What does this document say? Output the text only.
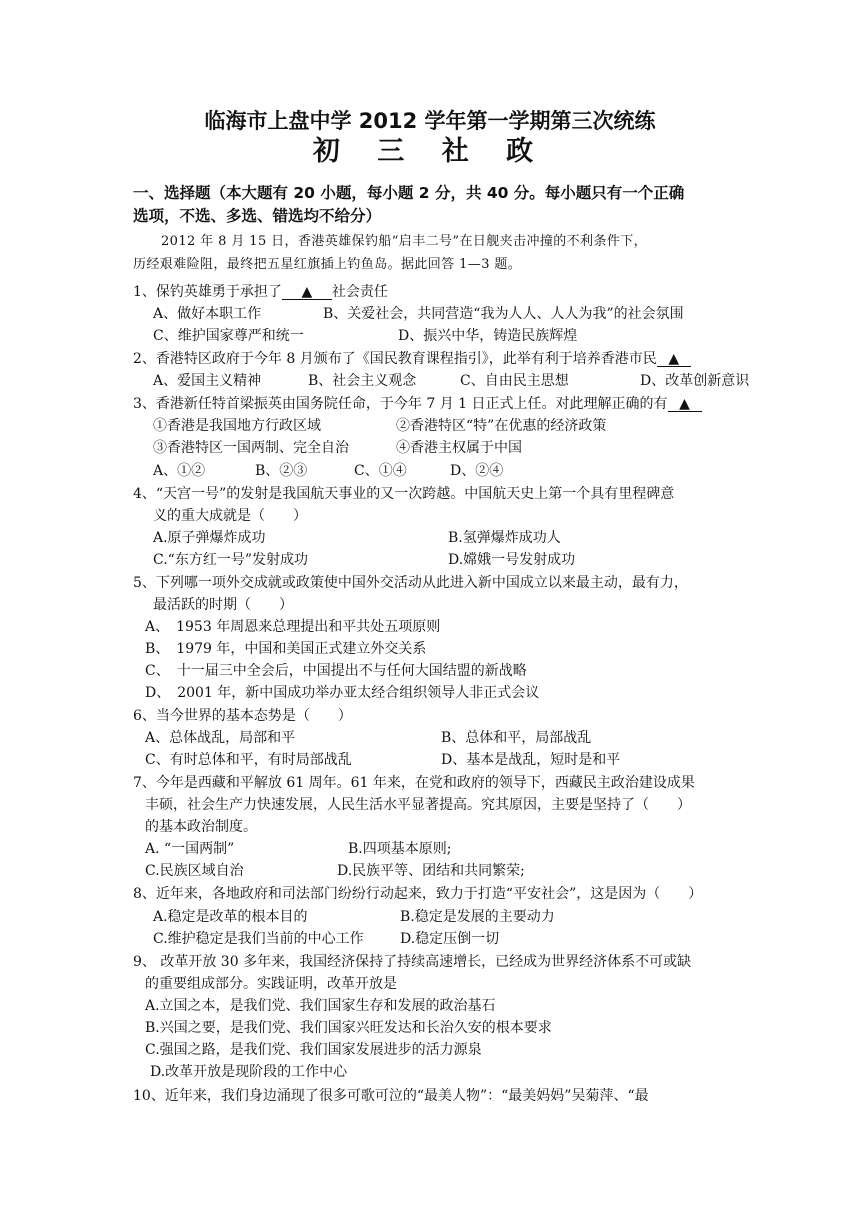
临海市上盘中学 2012 学年第一学期第三次统练
初 三 社 政
一、选择题（本大题有 20 小题，每小题 2 分，共 40 分。每小题只有一个正确
选项，不选、多选、错选均不给分）
2012 年 8 月 15 日，香港英雄保钓船“启丰二号”在日舰夹击冲撞的不利条件下，
历经艰难险阻，最终把五星红旗插上钓鱼岛。据此回答 1—3 题。
1、保钓英雄勇于承担了 ▲ 社会责任
A、做好本职工作	B、关爱社会，共同营造“我为人人、人人为我”的社会氛围
C、维护国家尊严和统一	D、振兴中华，铸造民族辉煌
2、香港特区政府于今年 8 月颁布了《国民教育课程指引》，此举有利于培养香港市民 ▲
A、爱国主义精神	B、社会主义观念	C、自由民主思想	D、改革创新意识
3、香港新任特首梁振英由国务院任命，于今年 7 月 1 日正式上任。对此理解正确的有 ▲
①香港是我国地方行政区域	②香港特区“特”在优惠的经济政策
③香港特区一国两制、完全自治	④香港主权属于中国
A、①②	B、②③	C、①④	D、②④
4、“天宫一号”的发射是我国航天事业的又一次跨越。中国航天史上第一个具有里程碑意
义的重大成就是（　　）
A.原子弹爆炸成功	B.氢弹爆炸成功人
C.“东方红一号”发射成功	D.嫦娥一号发射成功
5、下列哪一项外交成就或政策使中国外交活动从此进入新中国成立以来最主动，最有力，
最活跃的时期（　　）
A、　1953 年周恩来总理提出和平共处五项原则
B、　1979 年，中国和美国正式建立外交关系
C、　十一届三中全会后，中国提出不与任何大国结盟的新战略
D、　2001 年，新中国成功举办亚太经合组织领导人非正式会议
6、当今世界的基本态势是（　　）
A、总体战乱，局部和平	B、总体和平，局部战乱
C、有时总体和平，有时局部战乱	D、基本是战乱，短时是和平
7、今年是西藏和平解放 61 周年。61 年来，在党和政府的领导下，西藏民主政治建设成果
丰硕，社会生产力快速发展，人民生活水平显著提高。究其原因，主要是坚持了（　　）
的基本政治制度。
A. “一国两制”	B.四项基本原则;
C.民族区域自治	D.民族平等、团结和共同繁荣;
8、近年来，各地政府和司法部门纷纷行动起来，致力于打造“平安社会”，这是因为（　　）
A.稳定是改革的根本目的	B.稳定是发展的主要动力
C.维护稳定是我们当前的中心工作	D.稳定压倒一切
9、 改革开放 30 多年来，我国经济保持了持续高速增长，已经成为世界经济体系不可或缺
的重要组成部分。实践证明，改革开放是
A.立国之本，是我们党、我们国家生存和发展的政治基石
B.兴国之要，是我们党、我们国家兴旺发达和长治久安的根本要求
C.强国之路，是我们党、我们国家发展进步的活力源泉
D.改革开放是现阶段的工作中心
10、近年来，我们身边涌现了很多可歌可泣的“最美人物”：“最美妈妈”吴菊萍、“最
